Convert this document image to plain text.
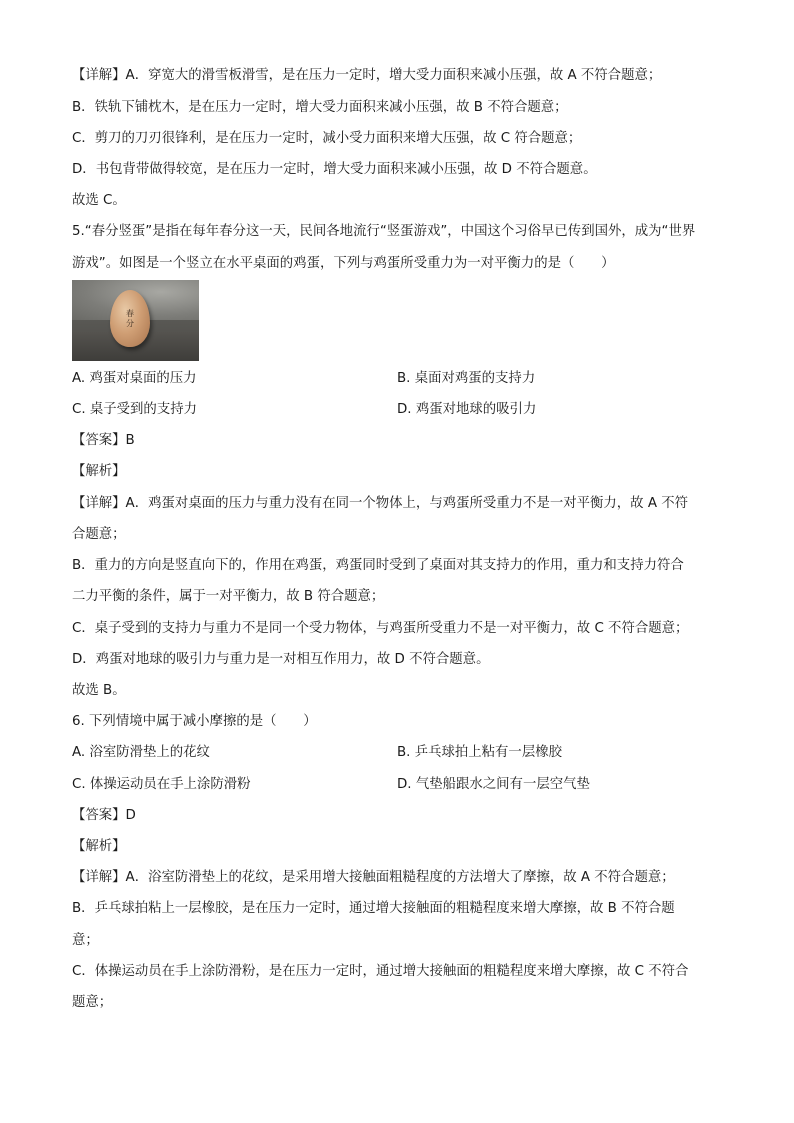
【详解】A．穿宽大的滑雪板滑雪，是在压力一定时，增大受力面积来减小压强，故 A 不符合题意；
B．铁轨下铺枕木，是在压力一定时，增大受力面积来减小压强，故 B 不符合题意；
C．剪刀的刀刃很锋利，是在压力一定时，减小受力面积来增大压强，故 C 符合题意；
D．书包背带做得较宽，是在压力一定时，增大受力面积来减小压强，故 D 不符合题意。
故选 C。
5.“春分竖蛋”是指在每年春分这一天，民间各地流行“竖蛋游戏”，中国这个习俗早已传到国外，成为“世界
游戏”。如图是一个竖立在水平桌面的鸡蛋，下列与鸡蛋所受重力为一对平衡力的是（　　）
春
分
A. 鸡蛋对桌面的压力	B. 桌面对鸡蛋的支持力
C. 桌子受到的支持力	D. 鸡蛋对地球的吸引力
【答案】B
【解析】
【详解】A．鸡蛋对桌面的压力与重力没有在同一个物体上，与鸡蛋所受重力不是一对平衡力，故 A 不符
合题意；
B．重力的方向是竖直向下的，作用在鸡蛋，鸡蛋同时受到了桌面对其支持力的作用，重力和支持力符合
二力平衡的条件，属于一对平衡力，故 B 符合题意；
C．桌子受到的支持力与重力不是同一个受力物体，与鸡蛋所受重力不是一对平衡力，故 C 不符合题意；
D．鸡蛋对地球的吸引力与重力是一对相互作用力，故 D 不符合题意。
故选 B。
6. 下列情境中属于减小摩擦的是（　　）
A. 浴室防滑垫上的花纹	B. 乒乓球拍上粘有一层橡胶
C. 体操运动员在手上涂防滑粉	D. 气垫船跟水之间有一层空气垫
【答案】D
【解析】
【详解】A．浴室防滑垫上的花纹，是采用增大接触面粗糙程度的方法增大了摩擦，故 A 不符合题意；
B．乒乓球拍粘上一层橡胶，是在压力一定时，通过增大接触面的粗糙程度来增大摩擦，故 B 不符合题
意；
C．体操运动员在手上涂防滑粉，是在压力一定时，通过增大接触面的粗糙程度来增大摩擦，故 C 不符合
题意；
